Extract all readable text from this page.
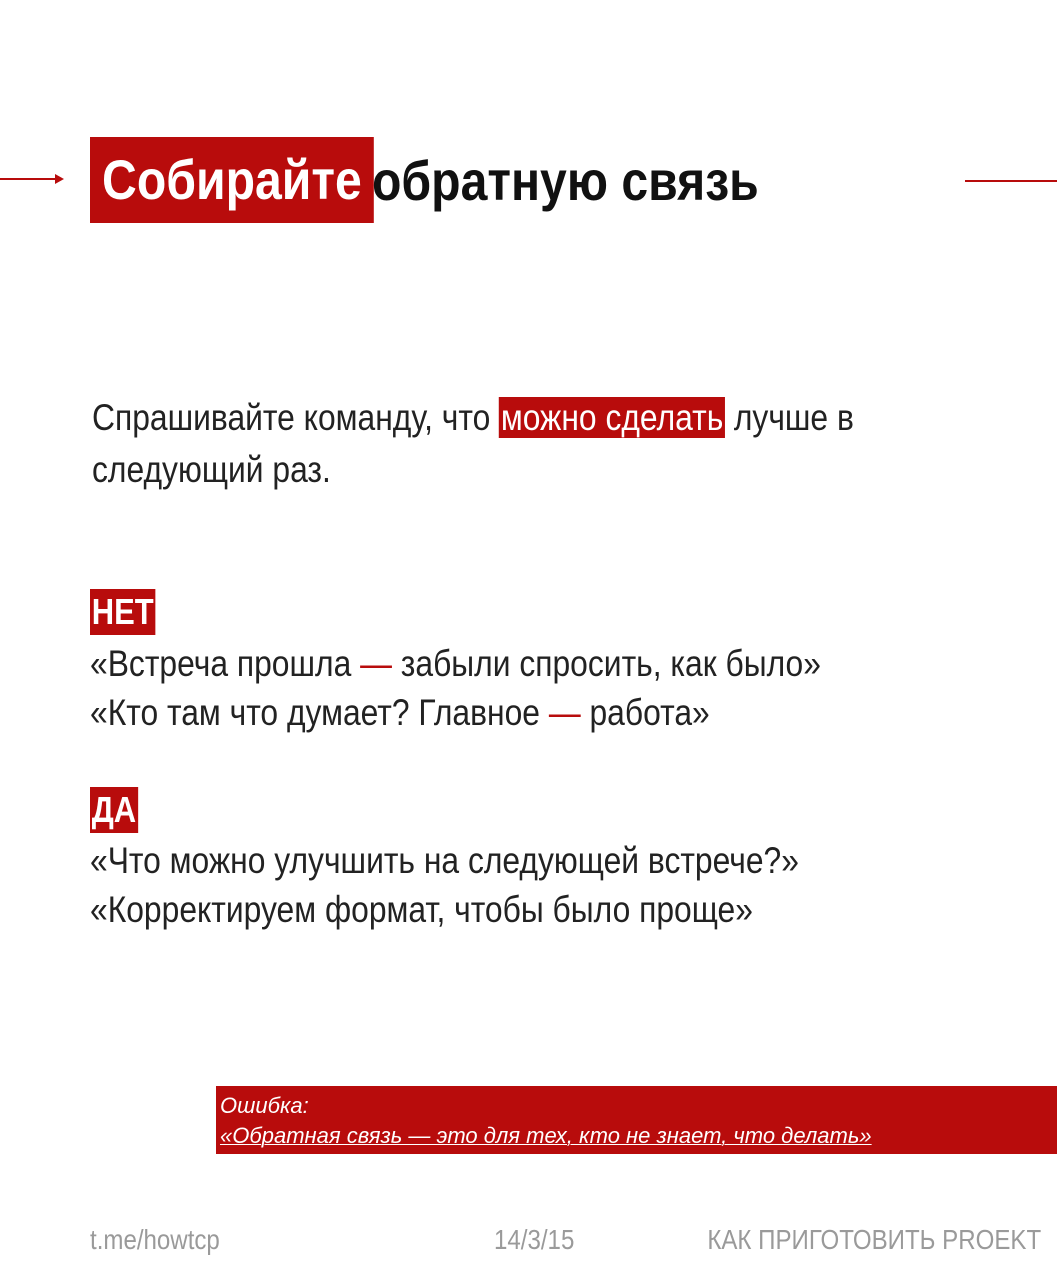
Собирайте обратную связь
Спрашивайте команду, что можно сделать лучше в
следующий раз.
НЕТ
«Встреча прошла — забыли спросить, как было»
«Кто там что думает? Главное — работа»
ДА
«Что можно улучшить на следующей встрече?»
«Корректируем формат, чтобы было проще»
Ошибка:
«Обратная связь — это для тех, кто не знает, что делать»
t.me/howtcp	14/3/15	КАК ПРИГОТОВИТЬ PROEKT
